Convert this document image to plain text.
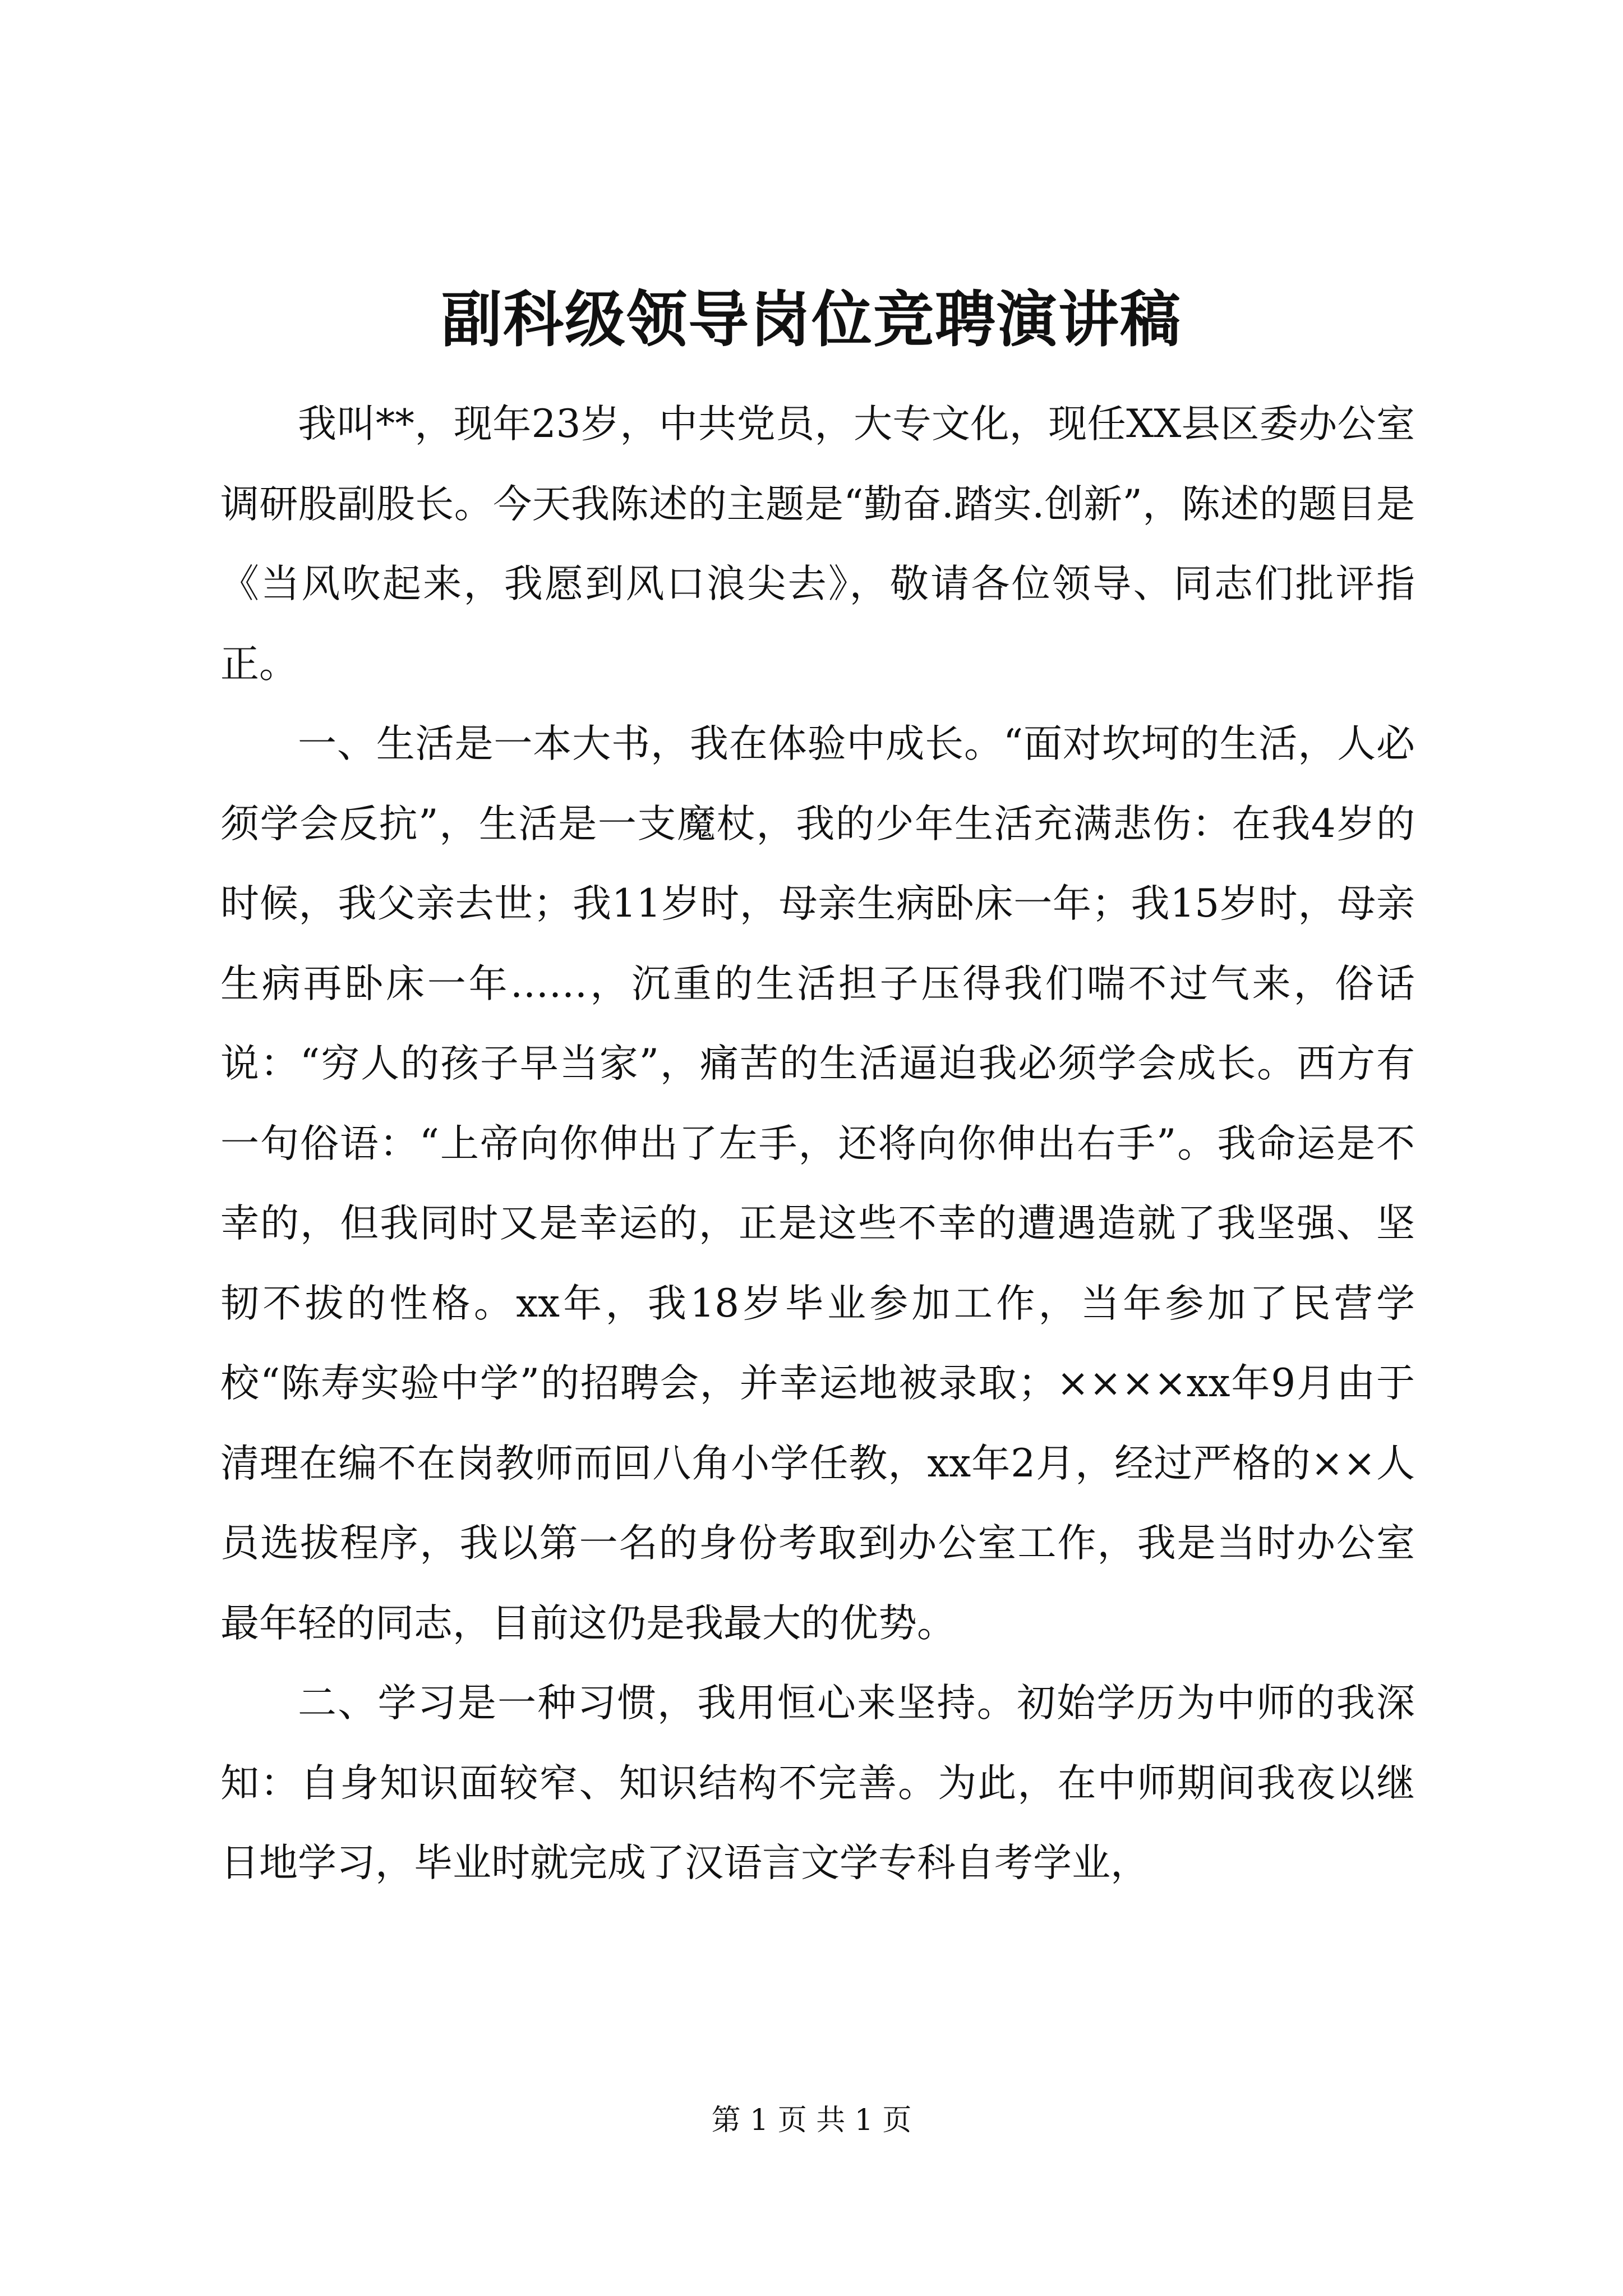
副科级领导岗位竞聘演讲稿

我叫**，现年23岁，中共党员，大专文化，现任XX县区委办公室调研股副股长。今天我陈述的主题是“勤奋.踏实.创新”，陈述的题目是《当风吹起来，我愿到风口浪尖去》，敬请各位领导、同志们批评指正。

一、生活是一本大书，我在体验中成长。“面对坎坷的生活，人必须学会反抗”，生活是一支魔杖，我的少年生活充满悲伤：在我4岁的时候，我父亲去世；我11岁时，母亲生病卧床一年；我15岁时，母亲生病再卧床一年……，沉重的生活担子压得我们喘不过气来，俗话说：“穷人的孩子早当家”，痛苦的生活逼迫我必须学会成长。西方有一句俗语：“上帝向你伸出了左手，还将向你伸出右手”。我命运是不幸的，但我同时又是幸运的，正是这些不幸的遭遇造就了我坚强、坚韧不拔的性格。xx年，我18岁毕业参加工作，当年参加了民营学校“陈寿实验中学”的招聘会，并幸运地被录取；××××xx年9月由于清理在编不在岗教师而回八角小学任教，xx年2月，经过严格的××人员选拔程序，我以第一名的身份考取到办公室工作，我是当时办公室最年轻的同志，目前这仍是我最大的优势。

二、学习是一种习惯，我用恒心来坚持。初始学历为中师的我深知：自身知识面较窄、知识结构不完善。为此，在中师期间我夜以继日地学习，毕业时就完成了汉语言文学专科自考学业，

第 1 页 共 1 页
